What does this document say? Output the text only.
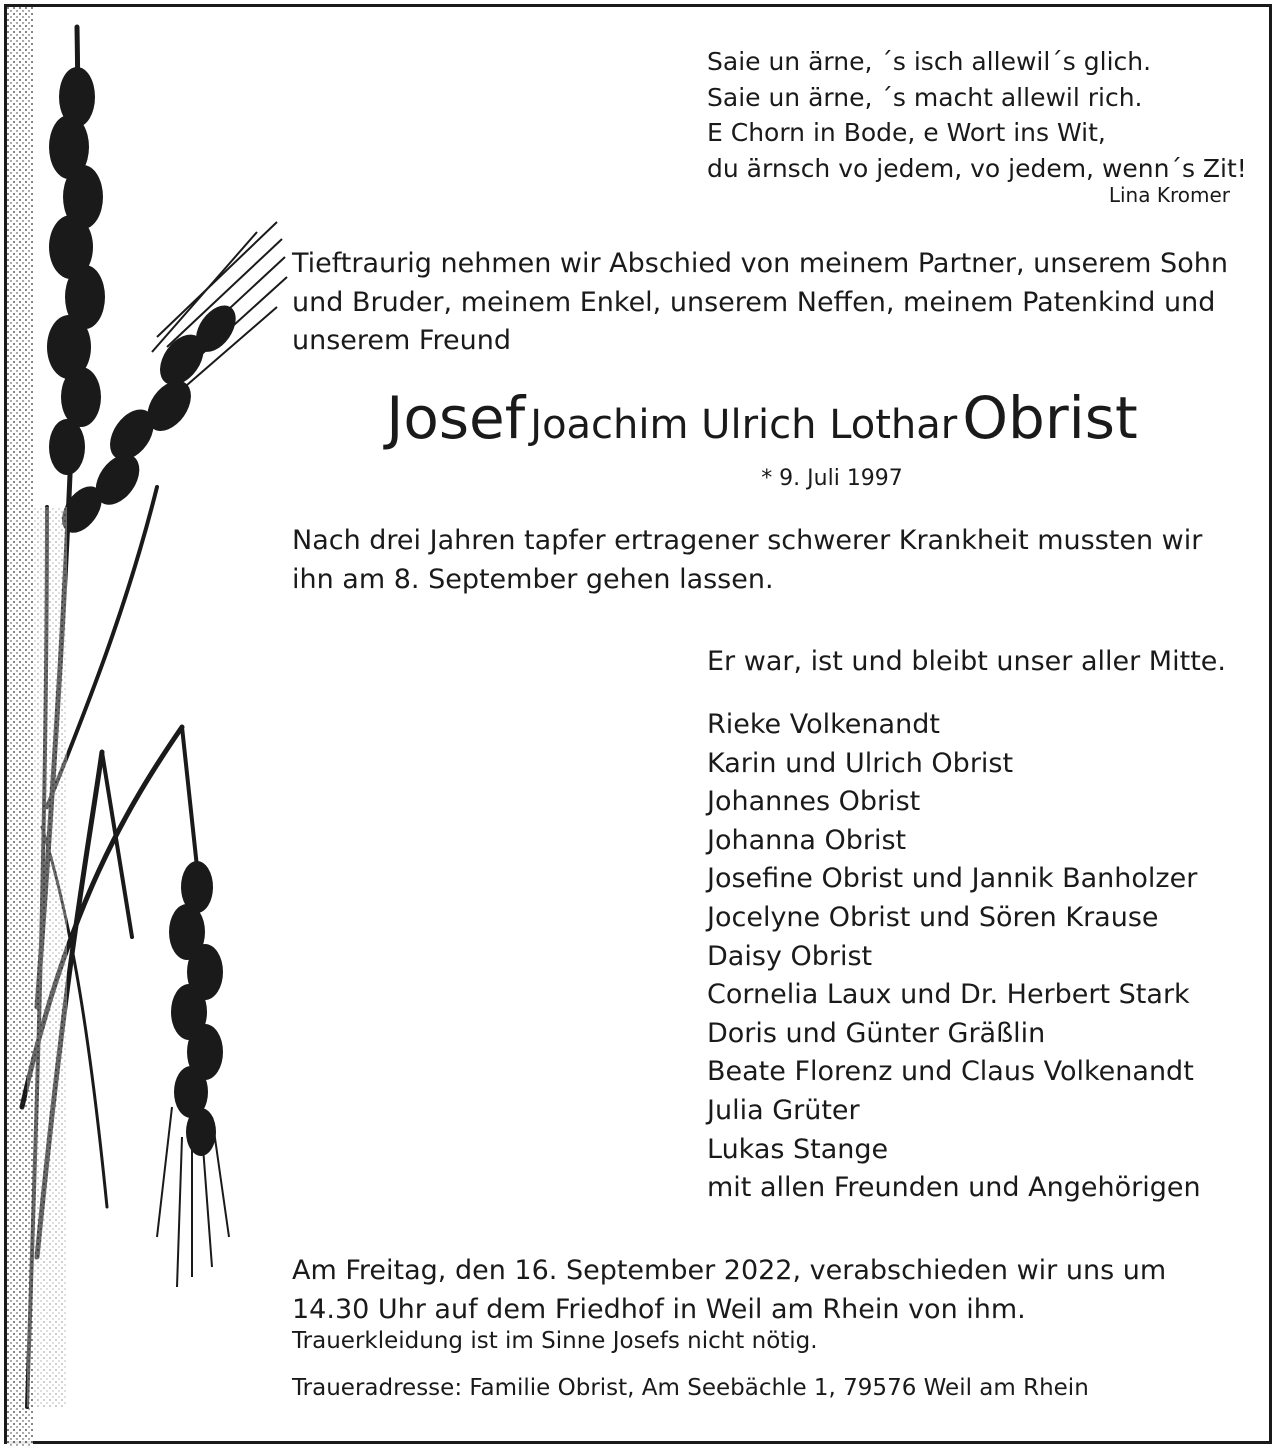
Saie un ärne, ´s isch allewil´s glich.
Saie un ärne, ´s macht allewil rich.
E Chorn in Bode, e Wort ins Wit,
du ärnsch vo jedem, vo jedem, wenn´s Zit!
Lina Kromer
Tieftraurig nehmen wir Abschied von meinem Partner, unserem Sohn und Bruder, meinem Enkel, unserem Neffen, meinem Patenkind und unserem Freund
Josef Joachim Ulrich Lothar Obrist
* 9. Juli 1997
Nach drei Jahren tapfer ertragener schwerer Krankheit mussten wir ihn am 8. September gehen lassen.
Er war, ist und bleibt unser aller Mitte.
Rieke Volkenandt
Karin und Ulrich Obrist
Johannes Obrist
Johanna Obrist
Josefine Obrist und Jannik Banholzer
Jocelyne Obrist und Sören Krause
Daisy Obrist
Cornelia Laux und Dr. Herbert Stark
Doris und Günter Gräßlin
Beate Florenz und Claus Volkenandt
Julia Grüter
Lukas Stange
mit allen Freunden und Angehörigen
Am Freitag, den 16. September 2022, verabschieden wir uns um 14.30 Uhr auf dem Friedhof in Weil am Rhein von ihm.
Trauerkleidung ist im Sinne Josefs nicht nötig.
Traueradresse: Familie Obrist, Am Seebächle 1, 79576 Weil am Rhein
